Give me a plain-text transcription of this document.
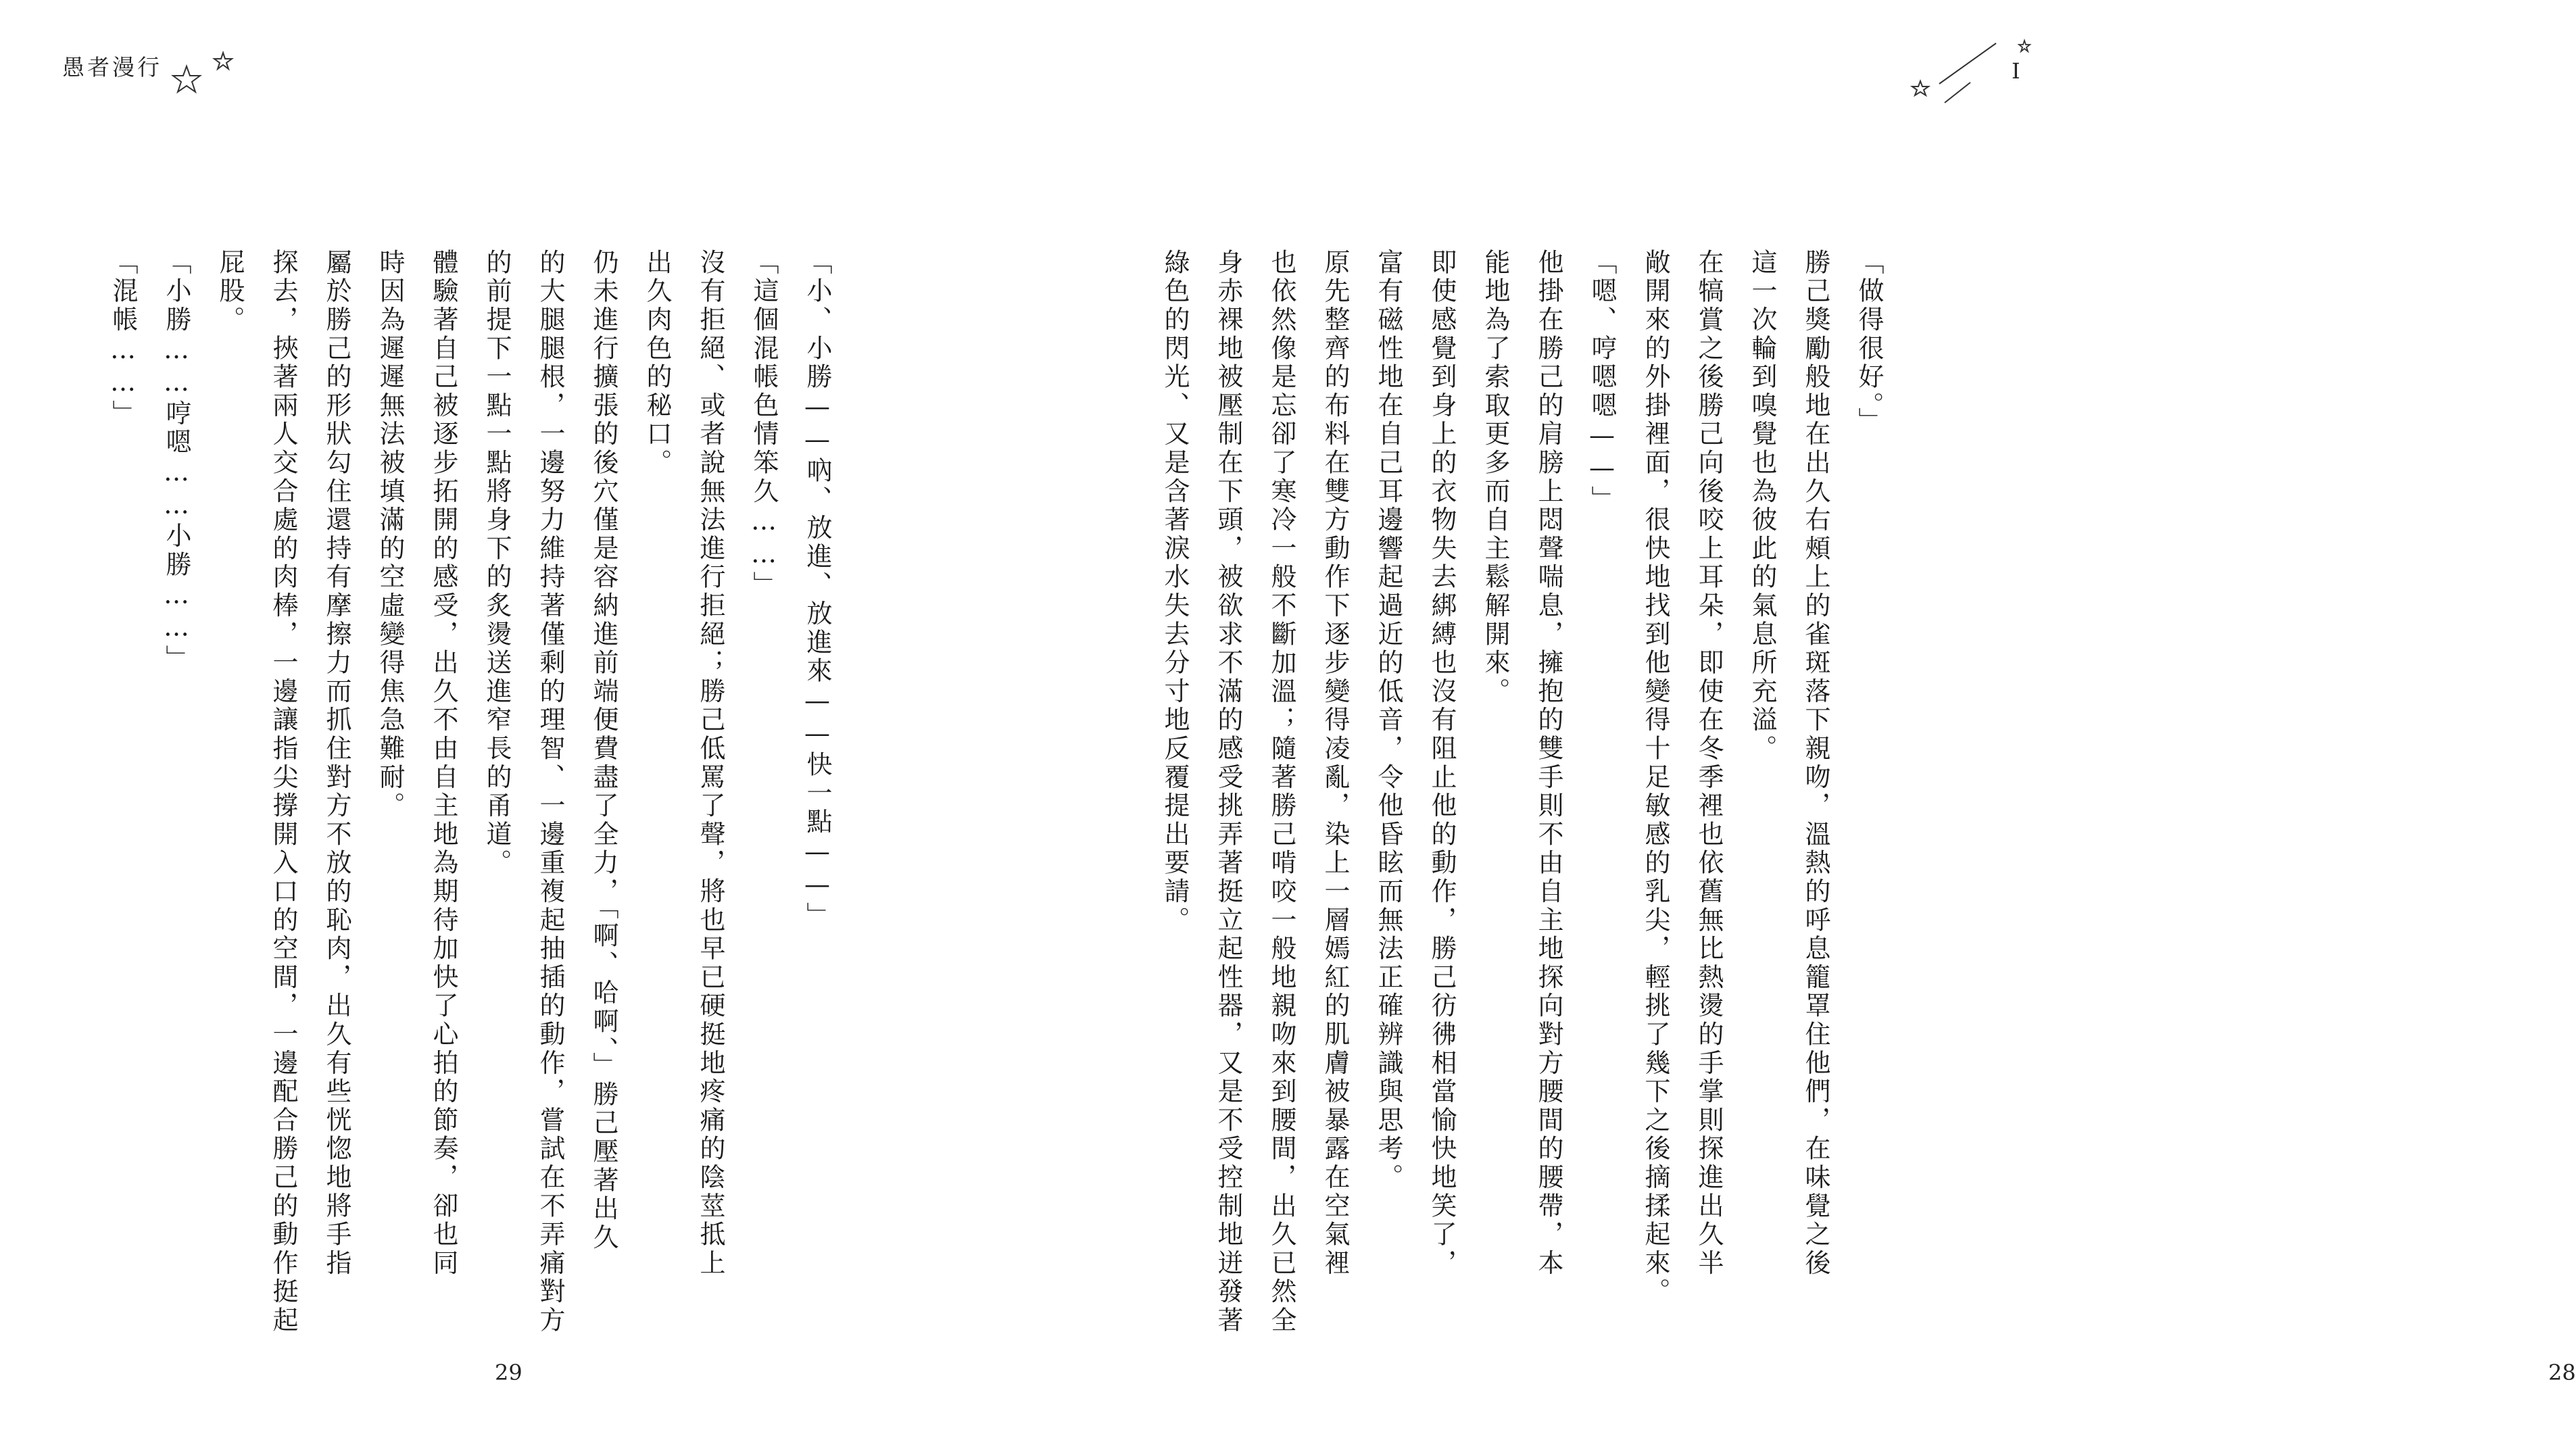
愚者漫行

「小、小勝——吶、放進、放進來——快一點——」

「這個混帳色情笨久……」

沒有拒絕、或者說無法進行拒絕；勝己低罵了聲，將也早已硬挺地疼痛的陰莖抵上

出久肉色的秘口。

仍未進行擴張的後穴僅是容納進前端便費盡了全力，「啊、哈啊、」勝己壓著出久

的大腿腿根，一邊努力維持著僅剩的理智、一邊重複起抽插的動作，嘗試在不弄痛對方

的前提下一點一點將身下的炙燙送進窄長的甬道。

體驗著自己被逐步拓開的感受，出久不由自主地為期待加快了心拍的節奏，卻也同

時因為遲遲無法被填滿的空虛變得焦急難耐。

屬於勝己的形狀勾住還持有摩擦力而抓住對方不放的恥肉，出久有些恍惚地將手指

探去，挾著兩人交合處的肉棒，一邊讓指尖撐開入口的空間，一邊配合勝己的動作挺起

屁股。

「小勝……哼嗯……小勝……」

「混帳……」

29
I

「做得很好。」

勝己獎勵般地在出久右頰上的雀斑落下親吻，溫熱的呼息籠罩住他們，在味覺之後

這一次輪到嗅覺也為彼此的氣息所充溢。

在犒賞之後勝己向後咬上耳朵，即使在冬季裡也依舊無比熱燙的手掌則探進出久半

敞開來的外掛裡面，很快地找到他變得十足敏感的乳尖，輕挑了幾下之後摘揉起來。

「嗯、哼嗯嗯——」

他掛在勝己的肩膀上悶聲喘息，擁抱的雙手則不由自主地探向對方腰間的腰帶，本

能地為了索取更多而自主鬆解開來。

即使感覺到身上的衣物失去綁縛也沒有阻止他的動作，勝己彷彿相當愉快地笑了，

富有磁性地在自己耳邊響起過近的低音，令他昏眩而無法正確辨識與思考。

原先整齊的布料在雙方動作下逐步變得凌亂，染上一層嫣紅的肌膚被暴露在空氣裡

也依然像是忘卻了寒冷一般不斷加溫；隨著勝己啃咬一般地親吻來到腰間，出久已然全

身赤裸地被壓制在下頭，被欲求不滿的感受挑弄著挺立起性器，又是不受控制地迸發著

綠色的閃光、又是含著淚水失去分寸地反覆提出要請。

28
